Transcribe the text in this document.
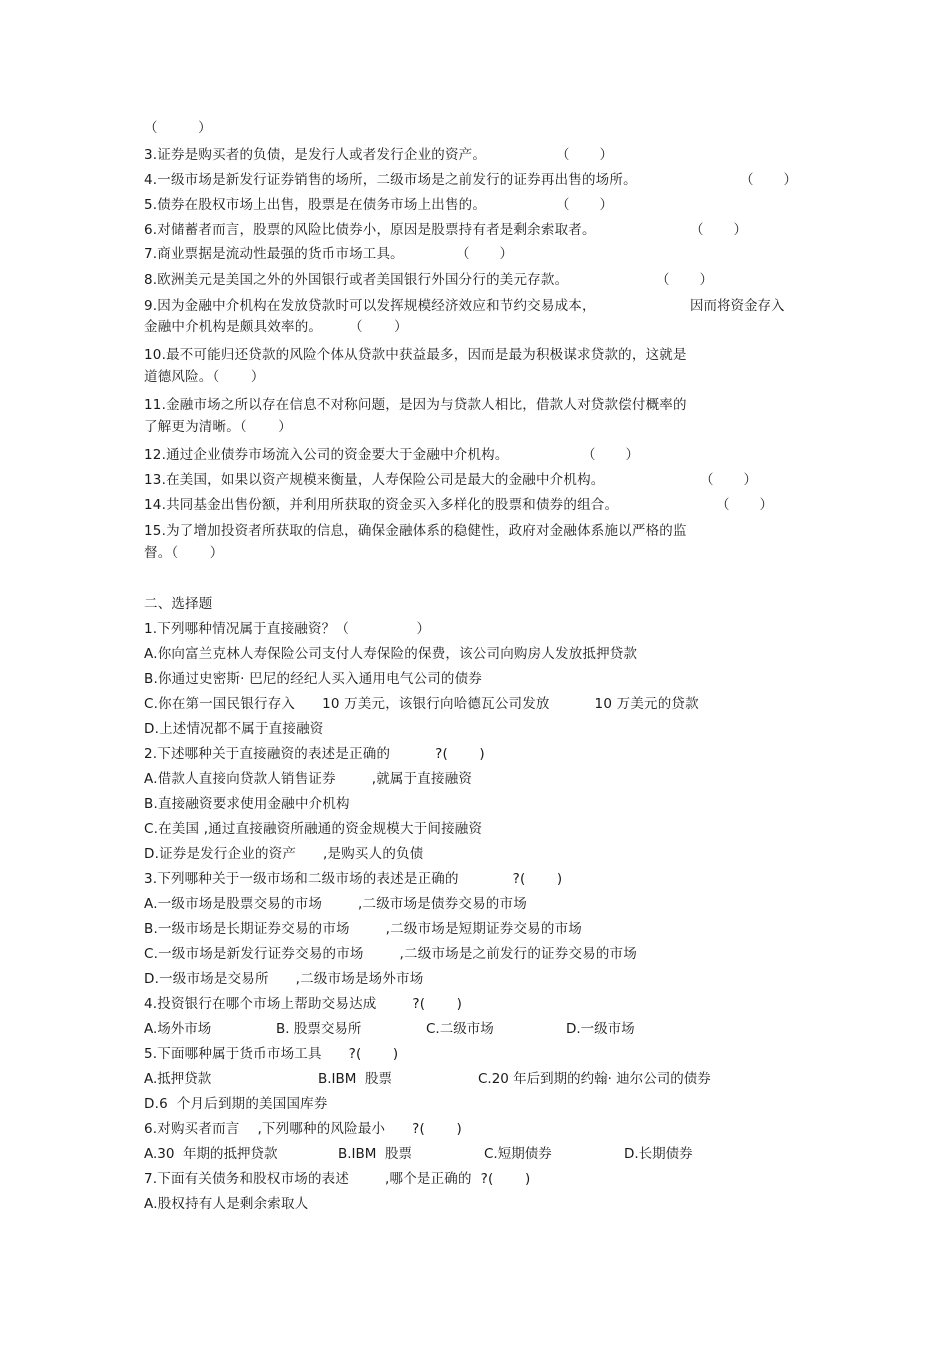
（         ）
3.证券是购买者的负债，是发行人或者发行企业的资产。	（       ）
4.一级市场是新发行证券销售的场所，二级市场是之前发行的证券再出售的场所。	（       ）
5.债券在股权市场上出售，股票是在债务市场上出售的。	（       ）
6.对储蓄者而言，股票的风险比债券小，原因是股票持有者是剩余索取者。	（       ）
7.商业票据是流动性最强的货币市场工具。	（       ）
8.欧洲美元是美国之外的外国银行或者美国银行外国分行的美元存款。	（       ）
9.因为金融中介机构在发放贷款时可以发挥规模经济效应和节约交易成本，	因而将资金存入
金融中介机构是颇具效率的。      （       ）
10.最不可能归还贷款的风险个体从贷款中获益最多，因而是最为积极谋求贷款的，这就是
道德风险。（       ）
11.金融市场之所以存在信息不对称问题，是因为与贷款人相比，借款人对贷款偿付概率的
了解更为清晰。（       ）
12.通过企业债券市场流入公司的资金要大于金融中介机构。	（       ）
13.在美国，如果以资产规模来衡量，人寿保险公司是最大的金融中介机构。	（       ）
14.共同基金出售份额，并利用所获取的资金买入多样化的股票和债券的组合。	（       ）
15.为了增加投资者所获取的信息，确保金融体系的稳健性，政府对金融体系施以严格的监
督。（       ）
二、选择题
1.下列哪种情况属于直接融资？（               ）
A.你向富兰克林人寿保险公司支付人寿保险的保费，该公司向购房人发放抵押贷款
B.你通过史密斯· 巴尼的经纪人买入通用电气公司的债券
C.你在第一国民银行存入      10 万美元，该银行向哈德瓦公司发放          10 万美元的贷款
D.上述情况都不属于直接融资
2.下述哪种关于直接融资的表述是正确的          ?(       )
A.借款人直接向贷款人销售证券        ,就属于直接融资
B.直接融资要求使用金融中介机构
C.在美国 ,通过直接融资所融通的资金规模大于间接融资
D.证券是发行企业的资产      ,是购买人的负债
3.下列哪种关于一级市场和二级市场的表述是正确的            ?(       )
A.一级市场是股票交易的市场        ,二级市场是债券交易的市场
B.一级市场是长期证券交易的市场        ,二级市场是短期证券交易的市场
C.一级市场是新发行证券交易的市场        ,二级市场是之前发行的证券交易的市场
D.一级市场是交易所      ,二级市场是场外市场
4.投资银行在哪个市场上帮助交易达成        ?(       )
A.场外市场	B. 股票交易所	C.二级市场	D.一级市场
5.下面哪种属于货币市场工具      ?(       )
A.抵押贷款	B.IBM  股票	C.20 年后到期的约翰· 迪尔公司的债券
D.6  个月后到期的美国国库券
6.对购买者而言    ,下列哪种的风险最小      ?(       )
A.30  年期的抵押贷款	B.IBM  股票	C.短期债券	D.长期债券
7.下面有关债务和股权市场的表述        ,哪个是正确的  ?(       )
A.股权持有人是剩余索取人
